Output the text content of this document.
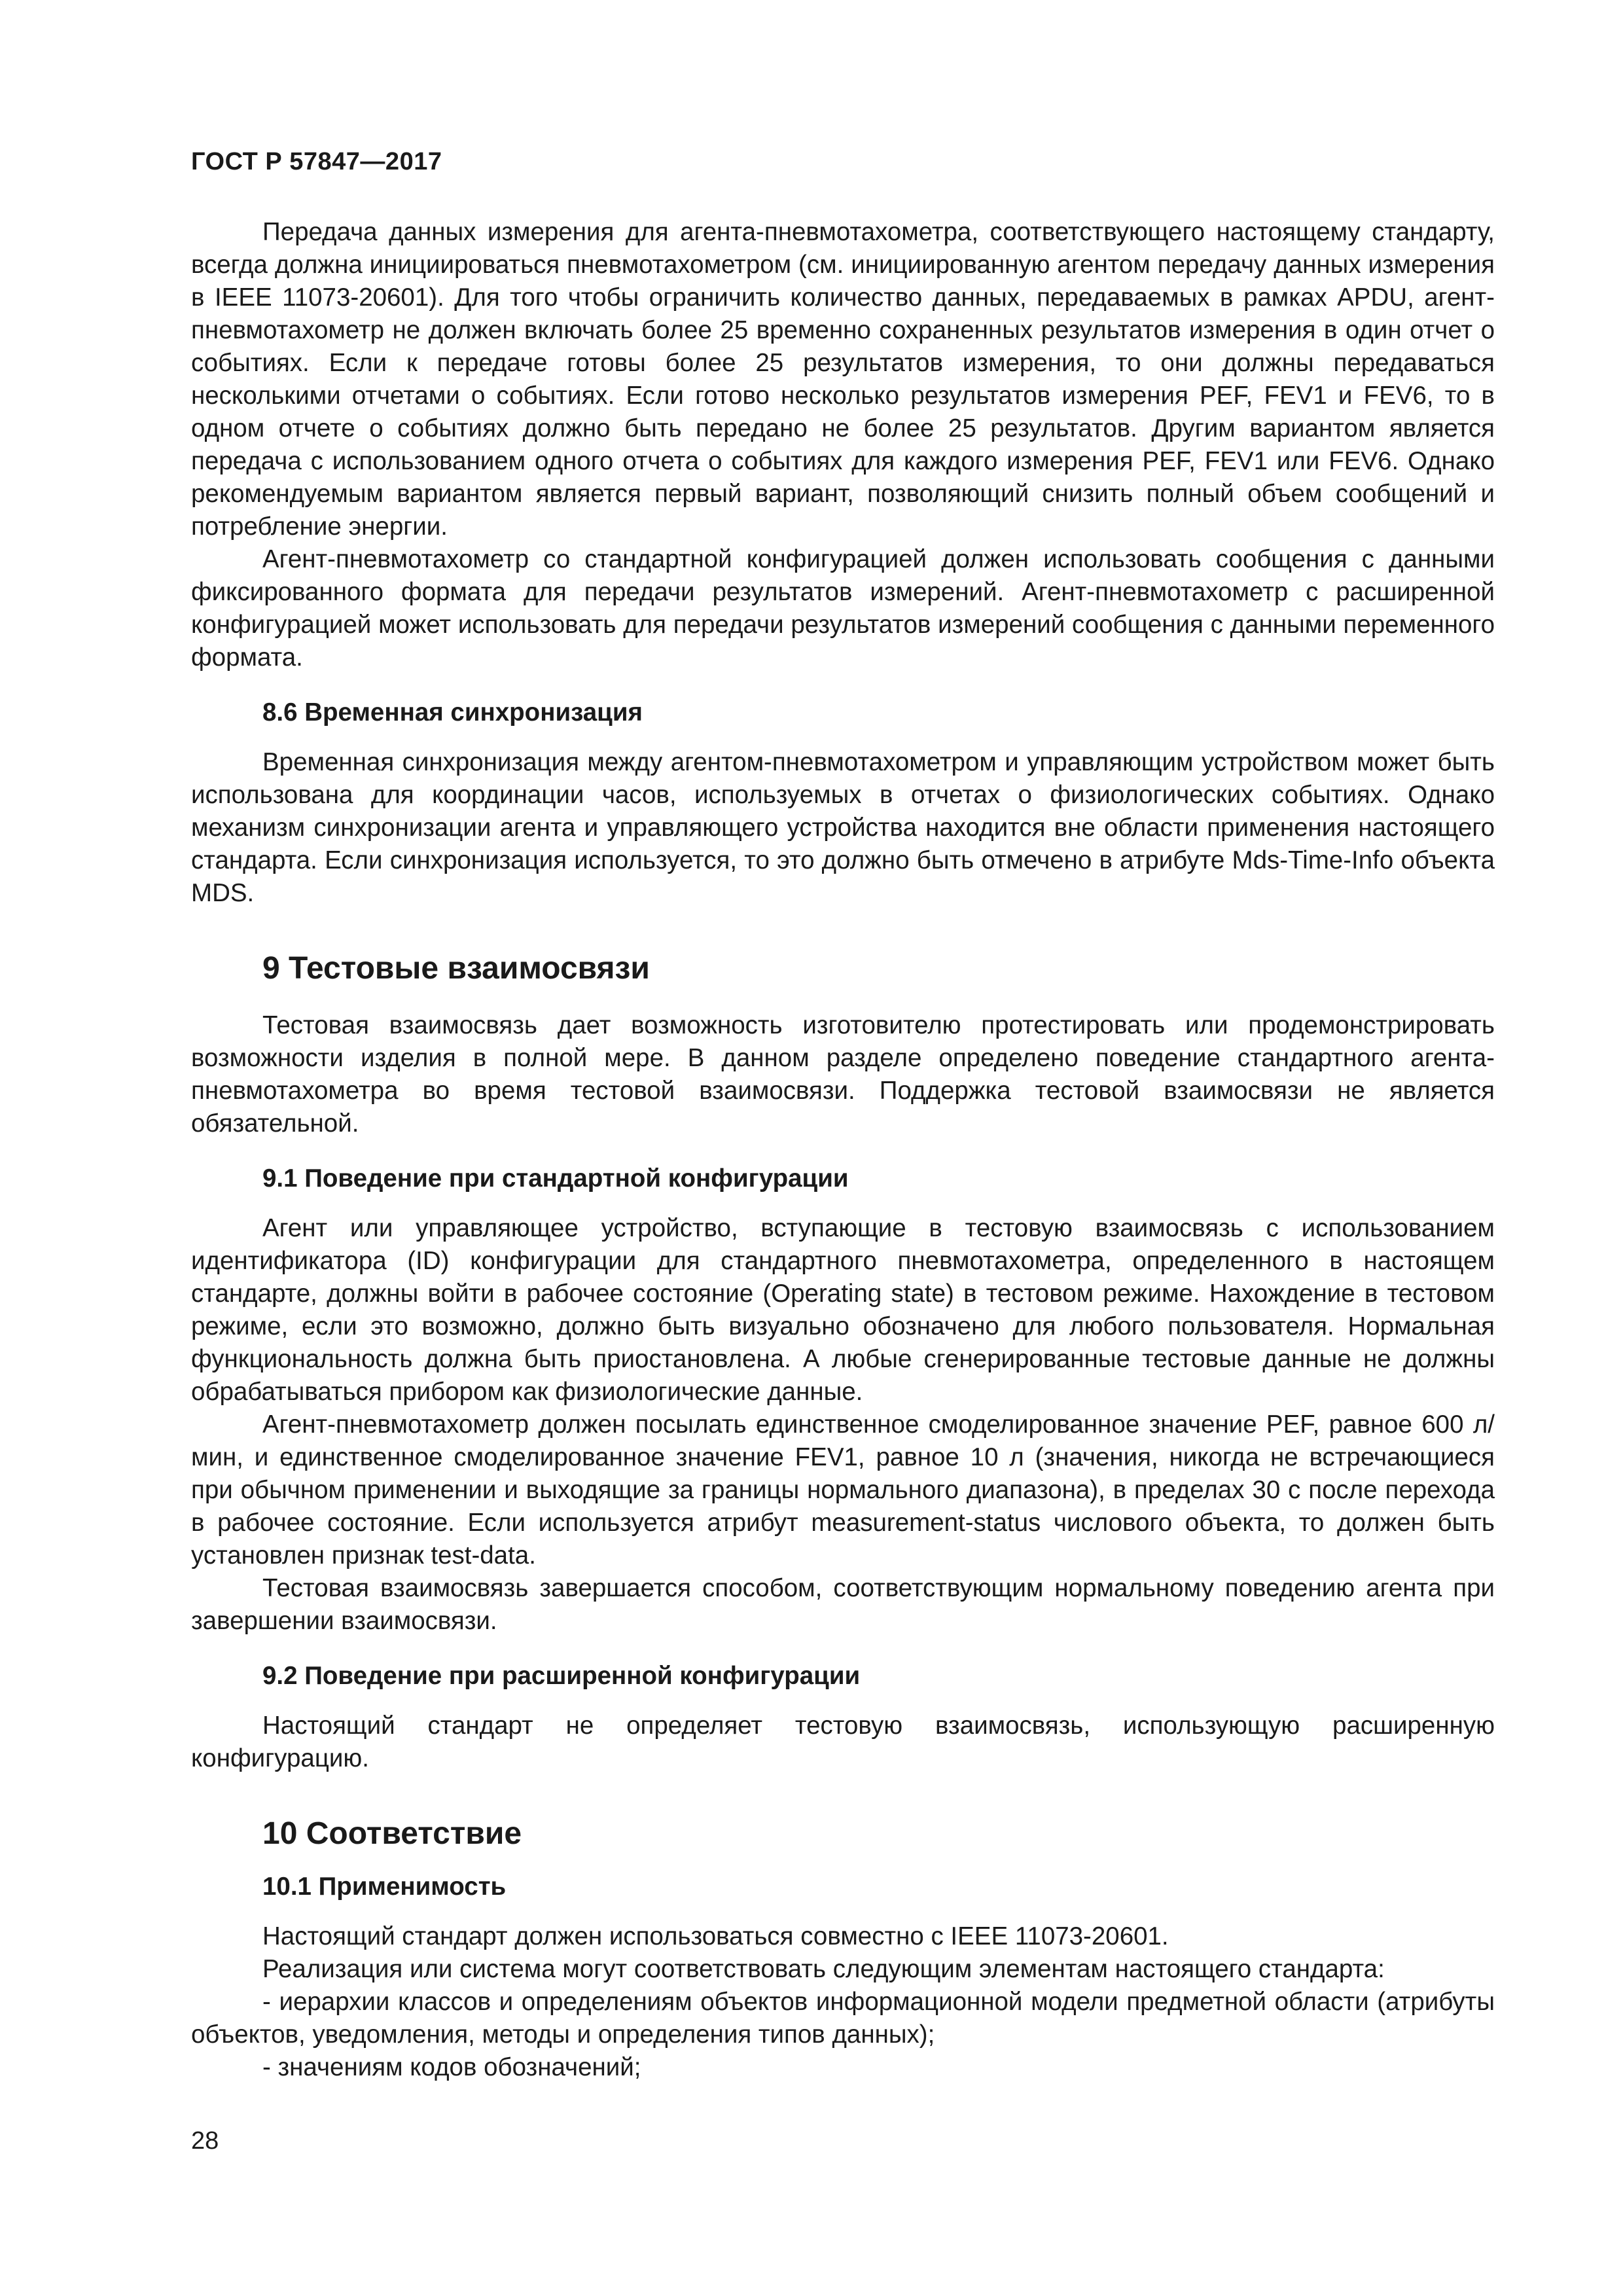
ГОСТ Р 57847—2017

Передача данных измерения для агента-пневмотахометра, соответствующего настоящему стандарту, всегда должна инициироваться пневмотахометром (см. инициированную агентом передачу данных измерения в IEEE 11073-20601). Для того чтобы ограничить количество данных, передаваемых в рамках APDU, агент-пневмотахометр не должен включать более 25 временно сохраненных результатов измерения в один отчет о событиях. Если к передаче готовы более 25 результатов измерения, то они должны передаваться несколькими отчетами о событиях. Если готово несколько результатов измерения PEF, FEV1 и FEV6, то в одном отчете о событиях должно быть передано не более 25 результатов. Другим вариантом является передача с использованием одного отчета о событиях для каждого измерения PEF, FEV1 или FEV6. Однако рекомендуемым вариантом является первый вариант, позволяющий снизить полный объем сообщений и потребление энергии.

Агент-пневмотахометр со стандартной конфигурацией должен использовать сообщения с данными фиксированного формата для передачи результатов измерений. Агент-пневмотахометр с расширенной конфигурацией может использовать для передачи результатов измерений сообщения с данными переменного формата.

8.6 Временная синхронизация

Временная синхронизация между агентом-пневмотахометром и управляющим устройством может быть использована для координации часов, используемых в отчетах о физиологических событиях. Однако механизм синхронизации агента и управляющего устройства находится вне области применения настоящего стандарта. Если синхронизация используется, то это должно быть отмечено в атрибуте Mds-Time-Info объекта MDS.

9 Тестовые взаимосвязи

Тестовая взаимосвязь дает возможность изготовителю протестировать или продемонстрировать возможности изделия в полной мере. В данном разделе определено поведение стандартного агента-пневмотахометра во время тестовой взаимосвязи. Поддержка тестовой взаимосвязи не является обязательной.

9.1 Поведение при стандартной конфигурации

Агент или управляющее устройство, вступающие в тестовую взаимосвязь с использованием идентификатора (ID) конфигурации для стандартного пневмотахометра, определенного в настоящем стандарте, должны войти в рабочее состояние (Operating state) в тестовом режиме. Нахождение в тестовом режиме, если это возможно, должно быть визуально обозначено для любого пользователя. Нормальная функциональность должна быть приостановлена. А любые сгенерированные тестовые данные не должны обрабатываться прибором как физиологические данные.

Агент-пневмотахометр должен посылать единственное смоделированное значение PEF, равное 600 л/мин, и единственное смоделированное значение FEV1, равное 10 л (значения, никогда не встречающиеся при обычном применении и выходящие за границы нормального диапазона), в пределах 30 с после перехода в рабочее состояние. Если используется атрибут measurement-status числового объекта, то должен быть установлен признак test-data.

Тестовая взаимосвязь завершается способом, соответствующим нормальному поведению агента при завершении взаимосвязи.

9.2 Поведение при расширенной конфигурации

Настоящий стандарт не определяет тестовую взаимосвязь, использующую расширенную конфигурацию.

10 Соответствие
10.1 Применимость

Настоящий стандарт должен использоваться совместно с IEEE 11073-20601.

Реализация или система могут соответствовать следующим элементам настоящего стандарта:

- иерархии классов и определениям объектов информационной модели предметной области (атрибуты объектов, уведомления, методы и определения типов данных);

- значениям кодов обозначений;

28
